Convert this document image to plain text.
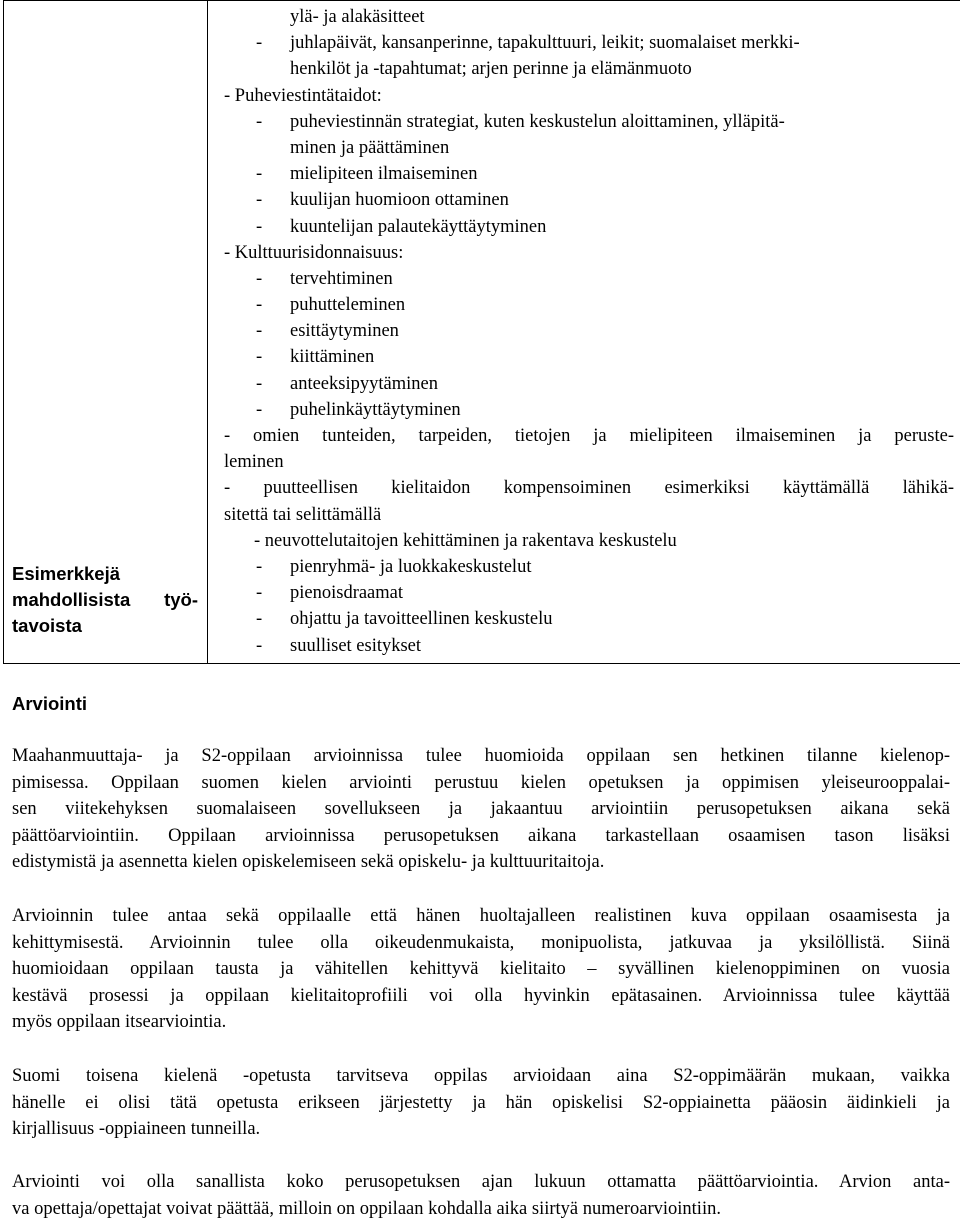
Esimerkkejä
mahdollisista työ-
tavoista
ylä- ja alakäsitteet
- juhlapäivät, kansanperinne, tapakulttuuri, leikit; suomalaiset merkki-
henkilöt ja -tapahtumat; arjen perinne ja elämänmuoto
- Puheviestintätaidot:
- puheviestinnän strategiat, kuten keskustelun aloittaminen, ylläpitä-
minen ja päättäminen
- mielipiteen ilmaiseminen
- kuulijan huomioon ottaminen
- kuuntelijan palautekäyttäytyminen
- Kulttuurisidonnaisuus:
- tervehtiminen
- puhutteleminen
- esittäytyminen
- kiittäminen
- anteeksipyytäminen
- puhelinkäyttäytyminen
- omien tunteiden, tarpeiden, tietojen ja mielipiteen ilmaiseminen ja peruste-
leminen
- puutteellisen kielitaidon kompensoiminen esimerkiksi käyttämällä lähikä-
sitettä tai selittämällä
- neuvottelutaitojen kehittäminen ja rakentava keskustelu
- pienryhmä- ja luokkakeskustelut
- pienoisdraamat
- ohjattu ja tavoitteellinen keskustelu
- suulliset esitykset
Arviointi
Maahanmuuttaja- ja S2-oppilaan arvioinnissa tulee huomioida oppilaan sen hetkinen tilanne kielenop-
pimisessa. Oppilaan suomen kielen arviointi perustuu kielen opetuksen ja oppimisen yleiseurooppalai-
sen viitekehyksen suomalaiseen sovellukseen ja jakaantuu arviointiin perusopetuksen aikana sekä
päättöarviointiin. Oppilaan arvioinnissa perusopetuksen aikana tarkastellaan osaamisen tason lisäksi
edistymistä ja asennetta kielen opiskelemiseen sekä opiskelu- ja kulttuuritaitoja.
Arvioinnin tulee antaa sekä oppilaalle että hänen huoltajalleen realistinen kuva oppilaan osaamisesta ja
kehittymisestä. Arvioinnin tulee olla oikeudenmukaista, monipuolista, jatkuvaa ja yksilöllistä. Siinä
huomioidaan oppilaan tausta ja vähitellen kehittyvä kielitaito – syvällinen kielenoppiminen on vuosia
kestävä prosessi ja oppilaan kielitaitoprofiili voi olla hyvinkin epätasainen. Arvioinnissa tulee käyttää
myös oppilaan itsearviointia.
Suomi toisena kielenä -opetusta tarvitseva oppilas arvioidaan aina S2-oppimäärän mukaan, vaikka
hänelle ei olisi tätä opetusta erikseen järjestetty ja hän opiskelisi S2-oppiainetta pääosin äidinkieli ja
kirjallisuus -oppiaineen tunneilla.
Arviointi voi olla sanallista koko perusopetuksen ajan lukuun ottamatta päättöarviointia. Arvion anta-
va opettaja/opettajat voivat päättää, milloin on oppilaan kohdalla aika siirtyä numeroarviointiin.
